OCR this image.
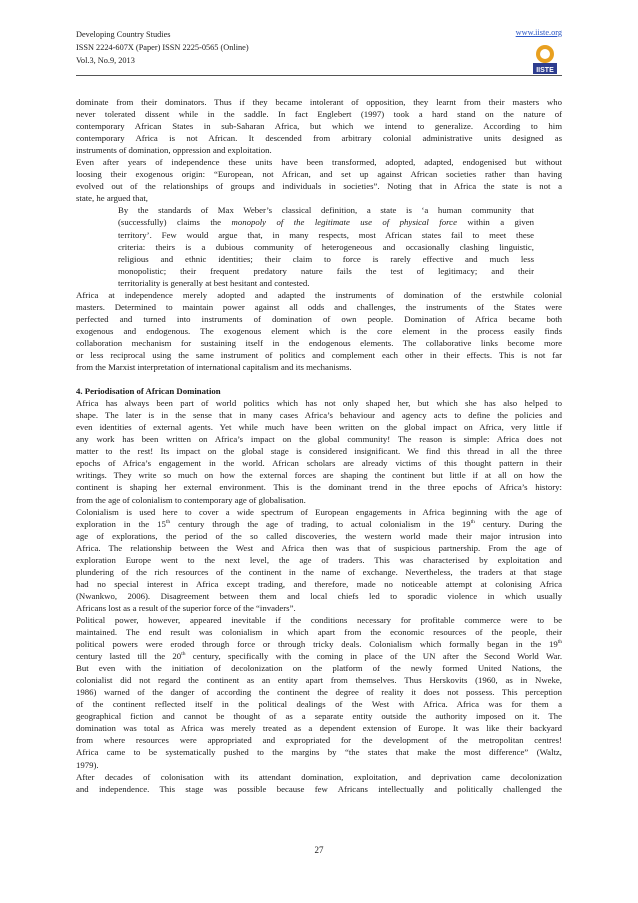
Developing Country Studies
ISSN 2224-607X (Paper) ISSN 2225-0565 (Online)
Vol.3, No.9, 2013
www.iiste.org
IISTE

dominate from their dominators. Thus if they became intolerant of opposition, they learnt from their masters who
never tolerated dissent while in the saddle. In fact Englebert (1997) took a hard stand on the nature of
contemporary African States in sub-Saharan Africa, but which we intend to generalize. According to him
contemporary Africa is not African. It descended from arbitrary colonial administrative units designed as
instruments of domination, oppression and exploitation.

Even after years of independence these units have been transformed, adopted, adapted, endogenised but without
loosing their exogenous origin: “European, not African, and set up against African societies rather than having
evolved out of the relationships of groups and individuals in societies”. Noting that in Africa the state is not a
state, he argued that,

By the standards of Max Weber’s classical definition, a state is ‘a human community that
(successfully) claims the monopoly of the legitimate use of physical force within a given
territory’. Few would argue that, in many respects, most African states fail to meet these
criteria: theirs is a dubious community of heterogeneous and occasionally clashing linguistic,
religious and ethnic identities; their claim to force is rarely effective and much less
monopolistic; their frequent predatory nature fails the test of legitimacy; and their
territoriality is generally at best hesitant and contested.

Africa at independence merely adopted and adapted the instruments of domination of the erstwhile colonial
masters. Determined to maintain power against all odds and challenges, the instruments of the States were
perfected and turned into instruments of domination of own people. Domination of Africa became both
exogenous and endogenous. The exogenous element which is the core element in the process easily finds
collaboration mechanism for sustaining itself in the endogenous elements. The collaborative links become more
or less reciprocal using the same instrument of politics and complement each other in their effects. This is not far
from the Marxist interpretation of international capitalism and its mechanisms.

4. Periodisation of African Domination

Africa has always been part of world politics which has not only shaped her, but which she has also helped to
shape. The later is in the sense that in many cases Africa’s behaviour and agency acts to define the policies and
even identities of external agents. Yet while much have been written on the global impact on Africa, very little if
any work has been written on Africa’s impact on the global community! The reason is simple: Africa does not
matter to the rest! Its impact on the global stage is considered insignificant. We find this thread in all the three
epochs of Africa’s engagement in the world. African scholars are already victims of this thought pattern in their
writings. They write so much on how the external forces are shaping the continent but little if at all on how the
continent is shaping her external environment. This is the dominant trend in the three epochs of Africa’s history:
from the age of colonialism to contemporary age of globalisation.

Colonialism is used here to cover a wide spectrum of European engagements in Africa beginning with the age of
exploration in the 15th century through the age of trading, to actual colonialism in the 19th century. During the
age of explorations, the period of the so called discoveries, the western world made their major intrusion into
Africa. The relationship between the West and Africa then was that of suspicious partnership. From the age of
exploration Europe went to the next level, the age of traders. This was characterised by exploitation and
plundering of the rich resources of the continent in the name of exchange. Nevertheless, the traders at that stage
had no special interest in Africa except trading, and therefore, made no noticeable attempt at colonising Africa
(Nwankwo, 2006). Disagreement between them and local chiefs led to sporadic violence in which usually
Africans lost as a result of the superior force of the “invaders”.

Political power, however, appeared inevitable if the conditions necessary for profitable commerce were to be
maintained. The end result was colonialism in which apart from the economic resources of the people, their
political powers were eroded through force or through tricky deals. Colonialism which formally began in the 19th
century lasted till the 20th century, specifically with the coming in place of the UN after the Second World War.
But even with the initiation of decolonization on the platform of the newly formed United Nations, the
colonialist did not regard the continent as an entity apart from themselves. Thus Herskovits (1960, as in Nweke,
1986) warned of the danger of according the continent the degree of reality it does not possess. This perception
of the continent reflected itself in the political dealings of the West with Africa. Africa was for them a
geographical fiction and cannot be thought of as a separate entity outside the authority imposed on it. The
domination was total as Africa was merely treated as a dependent extension of Europe. It was like their backyard
from where resources were appropriated and expropriated for the development of the metropolitan centres!
Africa came to be systematically pushed to the margins by “the states that make the most difference” (Waltz,
1979).

After decades of colonisation with its attendant domination, exploitation, and deprivation came decolonization
and independence. This stage was possible because few Africans intellectually and politically challenged the

27
